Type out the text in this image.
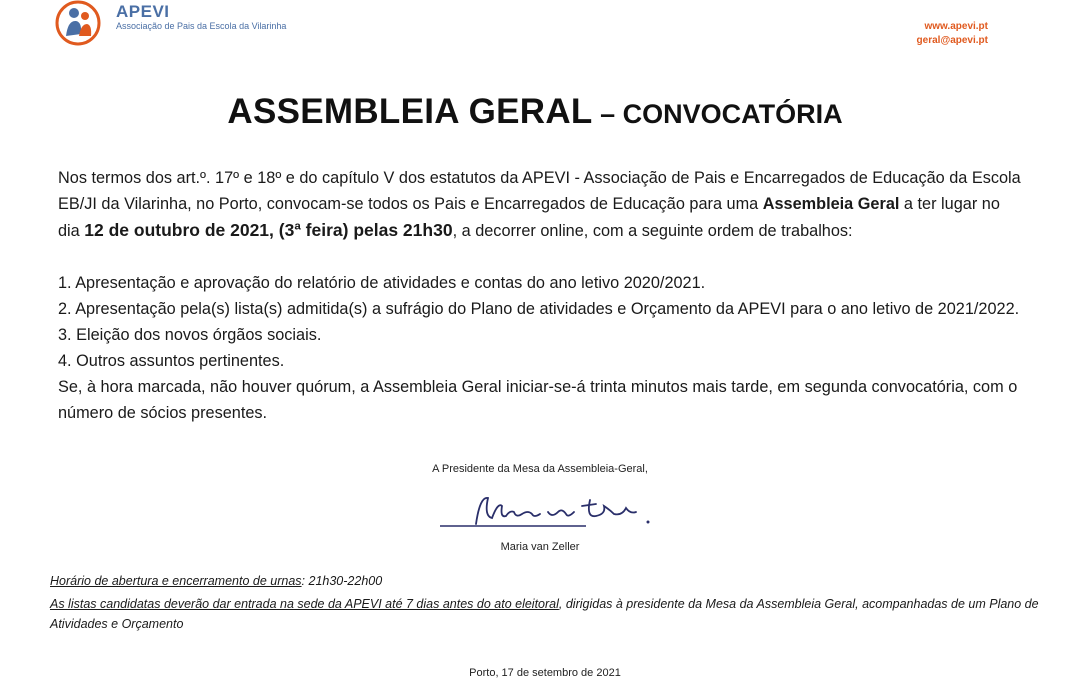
APEVI
Associação de Pais da Escola da Vilarinha	www.apevi.pt
geral@apevi.pt
ASSEMBLEIA GERAL – CONVOCATÓRIA
Nos termos dos art.º. 17º e 18º e do capítulo V dos estatutos da APEVI - Associação de Pais e Encarregados de Educação da Escola EB/JI da Vilarinha, no Porto, convocam-se todos os Pais e Encarregados de Educação para uma Assembleia Geral a ter lugar no dia 12 de outubro de 2021, (3ª feira) pelas 21h30, a decorrer online, com a seguinte ordem de trabalhos:
1. Apresentação e aprovação do relatório de atividades e contas do ano letivo 2020/2021.
2. Apresentação pela(s) lista(s) admitida(s) a sufrágio do Plano de atividades e Orçamento da APEVI para o ano letivo de 2021/2022.
3. Eleição dos novos órgãos sociais.
4. Outros assuntos pertinentes.
Se, à hora marcada, não houver quórum, a Assembleia Geral iniciar-se-á trinta minutos mais tarde, em segunda convocatória, com o número de sócios presentes.
A Presidente da Mesa da Assembleia-Geral,
Maria van Zeller
Horário de abertura e encerramento de urnas: 21h30-22h00
As listas candidatas deverão dar entrada na sede da APEVI até 7 dias antes do ato eleitoral, dirigidas à presidente da Mesa da Assembleia Geral, acompanhadas de um Plano de Atividades e Orçamento
Porto, 17 de setembro de 2021
